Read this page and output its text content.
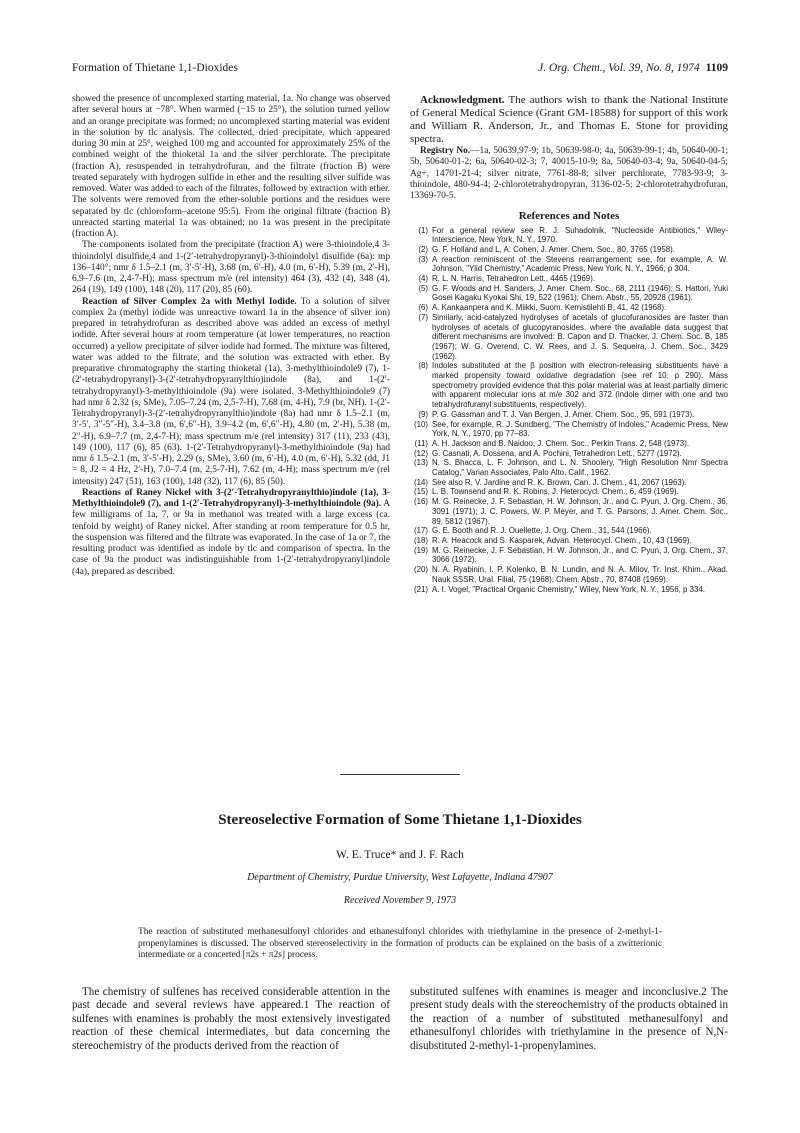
Formation of Thietane 1,1-Dioxides	J. Org. Chem., Vol. 39, No. 8, 1974 1109

showed the presence of uncomplexed starting material, 1a. No change was observed after several hours at −78°. When warmed (−15 to 25°), the solution turned yellow and an orange precipitate was formed; no uncomplexed starting material was evident in the solution by tlc analysis. The collected, dried precipitate, which appeared during 30 min at 25°, weighed 100 mg and accounted for approximately 25% of the combined weight of the thioketal 1a and the silver perchlorate. The precipitate (fraction A), resuspended in tetrahydrofuran, and the filtrate (fraction B) were treated separately with hydrogen sulfide in ether and the resulting silver sulfide was removed. Water was added to each of the filtrates, followed by extraction with ether. The solvents were removed from the ether-soluble portions and the residues were separated by tlc (chloroform–acetone 95:5). From the original filtrate (fraction B) unreacted starting material 1a was obtained; no 1a was present in the precipitate (fraction A).

The components isolated from the precipitate (fraction A) were 3-thioindole,4 3-thioindolyl disulfide,4 and 1-(2′-tetrahydropyranyl)-3-thioindolyl disulfide (6a): mp 136–140°; nmr δ 1.5–2.1 (m, 3′-5′-H), 3.68 (m, 6′-H), 4.0 (m, 6′-H), 5.39 (m, 2′-H), 6.9–7.6 (m, 2,4-7-H); mass spectrum m/e (rel intensity) 464 (3), 432 (4), 348 (4), 264 (19), 149 (100), 148 (20), 117 (20), 85 (60).

Reaction of Silver Complex 2a with Methyl Iodide. To a solution of silver complex 2a (methyl iodide was unreactive toward 1a in the absence of silver ion) prepared in tetrahydrofuran as described above was added an excess of methyl iodide. After several hours at room temperature (at lower temperatures, no reaction occurred) a yellow precipitate of silver iodide had formed. The mixture was filtered, water was added to the filtrate, and the solution was extracted with ether. By preparative chromatography the starting thioketal (1a), 3-methylthioindole9 (7), 1-(2′-tetrahydropyranyl)-3-(2′-tetrahydropyranylthio)indole (8a), and 1-(2′-tetrahydropyranyl)-3-methylthioindole (9a) were isolated. 3-Methylthioindole9 (7) had nmr δ 2.32 (s, SMe), 7.05–7.24 (m, 2,5-7-H), 7.68 (m, 4-H), 7.9 (br, NH). 1-(2′-Tetrahydropyranyl)-3-(2′-tetrahydropyranylthio)indole (8a) had nmr δ 1.5–2.1 (m, 3′-5′, 3″-5″-H), 3.4–3.8 (m, 6′,6″-H), 3.9–4.2 (m, 6′,6″-H), 4.80 (m, 2′-H), 5.38 (m, 2″-H), 6.9–7.7 (m, 2,4-7-H); mass spectrum m/e (rel intensity) 317 (11), 233 (43), 149 (100), 117 (6), 85 (63). 1-(2′-Tetrahydropyranyl)-3-methylthioindole (9a) had nmr δ 1.5–2.1 (m, 3′-5′-H), 2.29 (s, SMe), 3.60 (m, 6′-H), 4.0 (m, 6′-H), 5.32 (dd, J1 = 8, J2 = 4 Hz, 2′-H), 7.0–7.4 (m, 2,5-7-H), 7.62 (m, 4-H); mass spectrum m/e (rel intensity) 247 (51), 163 (100), 148 (32), 117 (6), 85 (50).

Reactions of Raney Nickel with 3-(2′-Tetrahydropyranylthio)indole (1a), 3-Methylthioindole9 (7), and 1-(2′-Tetrahydropyranyl)-3-methylthioindole (9a). A few milligrams of 1a, 7, or 9a in methanol was treated with a large excess (ca. tenfold by weight) of Raney nickel. After standing at room temperature for 0.5 hr, the suspension was filtered and the filtrate was evaporated. In the case of 1a or 7, the resulting product was identified as indole by tlc and comparison of spectra. In the case of 9a the product was indistinguishable from 1-(2′-tetrahydropyranyl)indole (4a), prepared as described.

Acknowledgment. The authors wish to thank the National Institute of General Medical Science (Grant GM-18588) for support of this work and William R. Anderson, Jr., and Thomas E. Stone for providing spectra.

Registry No.—1a, 50639,97-9; 1b, 50639-98-0; 4a, 50639-99-1; 4b, 50640-00-1; 5b, 50640-01-2; 6a, 50640-02-3; 7, 40015-10-9; 8a, 50640-03-4; 9a, 50640-04-5; Ag+, 14701-21-4; silver nitrate, 7761-88-8; silver perchlorate, 7783-93-9; 3-thioindole, 480-94-4; 2-chlorotetrahydropyran, 3136-02-5; 2-chlorotetrahydrofuran, 13369-70-5.

References and Notes
(1) For a general review see R. J. Suhadolnik, "Nucleoside Antibiotics," Wiley-Interscience, New York, N. Y., 1970.
(2) G. F. Holland and L. A. Cohen, J. Amer. Chem. Soc., 80, 3765 (1958).
(3) A reaction reminiscent of the Stevens rearrangement; see, for example, A. W. Johnson, "Ylid Chemistry," Academic Press, New York, N. Y., 1966, p 304.
(4) R. L. N. Harris, Tetrahedron Lett., 4465 (1969).
(5) G. F. Woods and H. Sanders, J. Amer. Chem. Soc., 68, 2111 (1946); S. Hattori, Yuki Gosei Kagaku Kyokai Shi, 19, 522 (1961); Chem. Abstr., 55, 20928 (1961).
(6) A. Kankaanpera and K. Miikki, Suom. Kemistilehti B, 41, 42 (1968).
(7) Similarly, acid-catalyzed hydrolyses of acetals of glucofuranosides are faster than hydrolyses of acetals of glucopyranosides, where the available data suggest that different mechanisms are involved: B. Capon and D. Thacker, J. Chem. Soc. B, 185 (1967); W. G. Overend, C. W. Rees, and J. S. Sequeira, J. Chem. Soc., 3429 (1962).
(8) Indoles substituted at the β position with electron-releasing substituents have a marked propensity toward oxidative degradation (see ref 10, p 290). Mass spectrometry provided evidence that this polar material was at least partially dimeric with apparent molecular ions at m/e 302 and 372 (indole dimer with one and two tetrahydrofuranyl substituents, respectively).
(9) P. G. Gassman and T. J. Van Bergen, J. Amer. Chem. Soc., 95, 591 (1973).
(10) See, for example, R. J. Sundberg, "The Chemistry of Indoles," Academic Press, New York, N. Y., 1970, pp 77–83.
(11) A. H. Jackson and B. Naidoo, J. Chem. Soc., Perkin Trans. 2, 548 (1973).
(12) G. Casnati, A. Dossena, and A. Pochini, Tetrahedron Lett., 5277 (1972).
(13) N. S. Bhacca, L. F. Johnson, and L. N. Shoolery, "High Resolution Nmr Spectra Catalog," Varian Associates, Palo Alto, Calif., 1962.
(14) See also R. V. Jardine and R. K. Brown, Can. J. Chem., 41, 2067 (1963).
(15) L. B. Townsend and R. K. Robins, J. Heterocycl. Chem., 6, 459 (1969).
(16) M. G. Reinecke, J. F. Sebastian, H. W. Johnson, Jr., and C. Pyun, J. Org. Chem., 36, 3091 (1971); J. C. Powers, W. P. Meyer, and T. G. Parsons, J. Amer. Chem. Soc., 89, 5812 (1967).
(17) G. E. Booth and R. J. Ouellette, J. Org. Chem., 31, 544 (1966).
(18) R. A. Heacock and S. Kasparek, Advan. Heterocycl. Chem., 10, 43 (1969).
(19) M. G. Reinecke, J. F. Sebastian, H. W. Johnson, Jr., and C. Pyun, J. Org. Chem., 37, 3066 (1972).
(20) N. A. Ryabinin, I. P. Kolenko, B. N. Lundin, and N. A. Milov, Tr. Inst. Khim., Akad. Nauk SSSR, Ural. Filial, 75 (1968); Chem. Abstr., 70, 87408 (1969).
(21) A. I. Vogel, "Practical Organic Chemistry," Wiley, New York, N. Y., 1956, p 334.
Stereoselective Formation of Some Thietane 1,1-Dioxides
W. E. Truce* and J. F. Rach
Department of Chemistry, Purdue University, West Lafayette, Indiana 47907
Received November 9, 1973
The reaction of substituted methanesulfonyl chlorides and ethanesulfonyl chlorides with triethylamine in the presence of 2-methyl-1-propenylamines is discussed. The observed stereoselectivity in the formation of products can be explained on the basis of a zwitterionic intermediate or a concerted [π2s + π2s] process.

The chemistry of sulfenes has received considerable attention in the past decade and several reviews have appeared.1 The reaction of sulfenes with enamines is probably the most extensively investigated reaction of these chemical intermediates, but data concerning the stereochemistry of the products derived from the reaction of

substituted sulfenes with enamines is meager and inconclusive.2 The present study deals with the stereochemistry of the products obtained in the reaction of a number of substituted methanesulfonyl and ethanesulfonyl chlorides with triethylamine in the presence of N,N-disubstituted 2-methyl-1-propenylamines.
